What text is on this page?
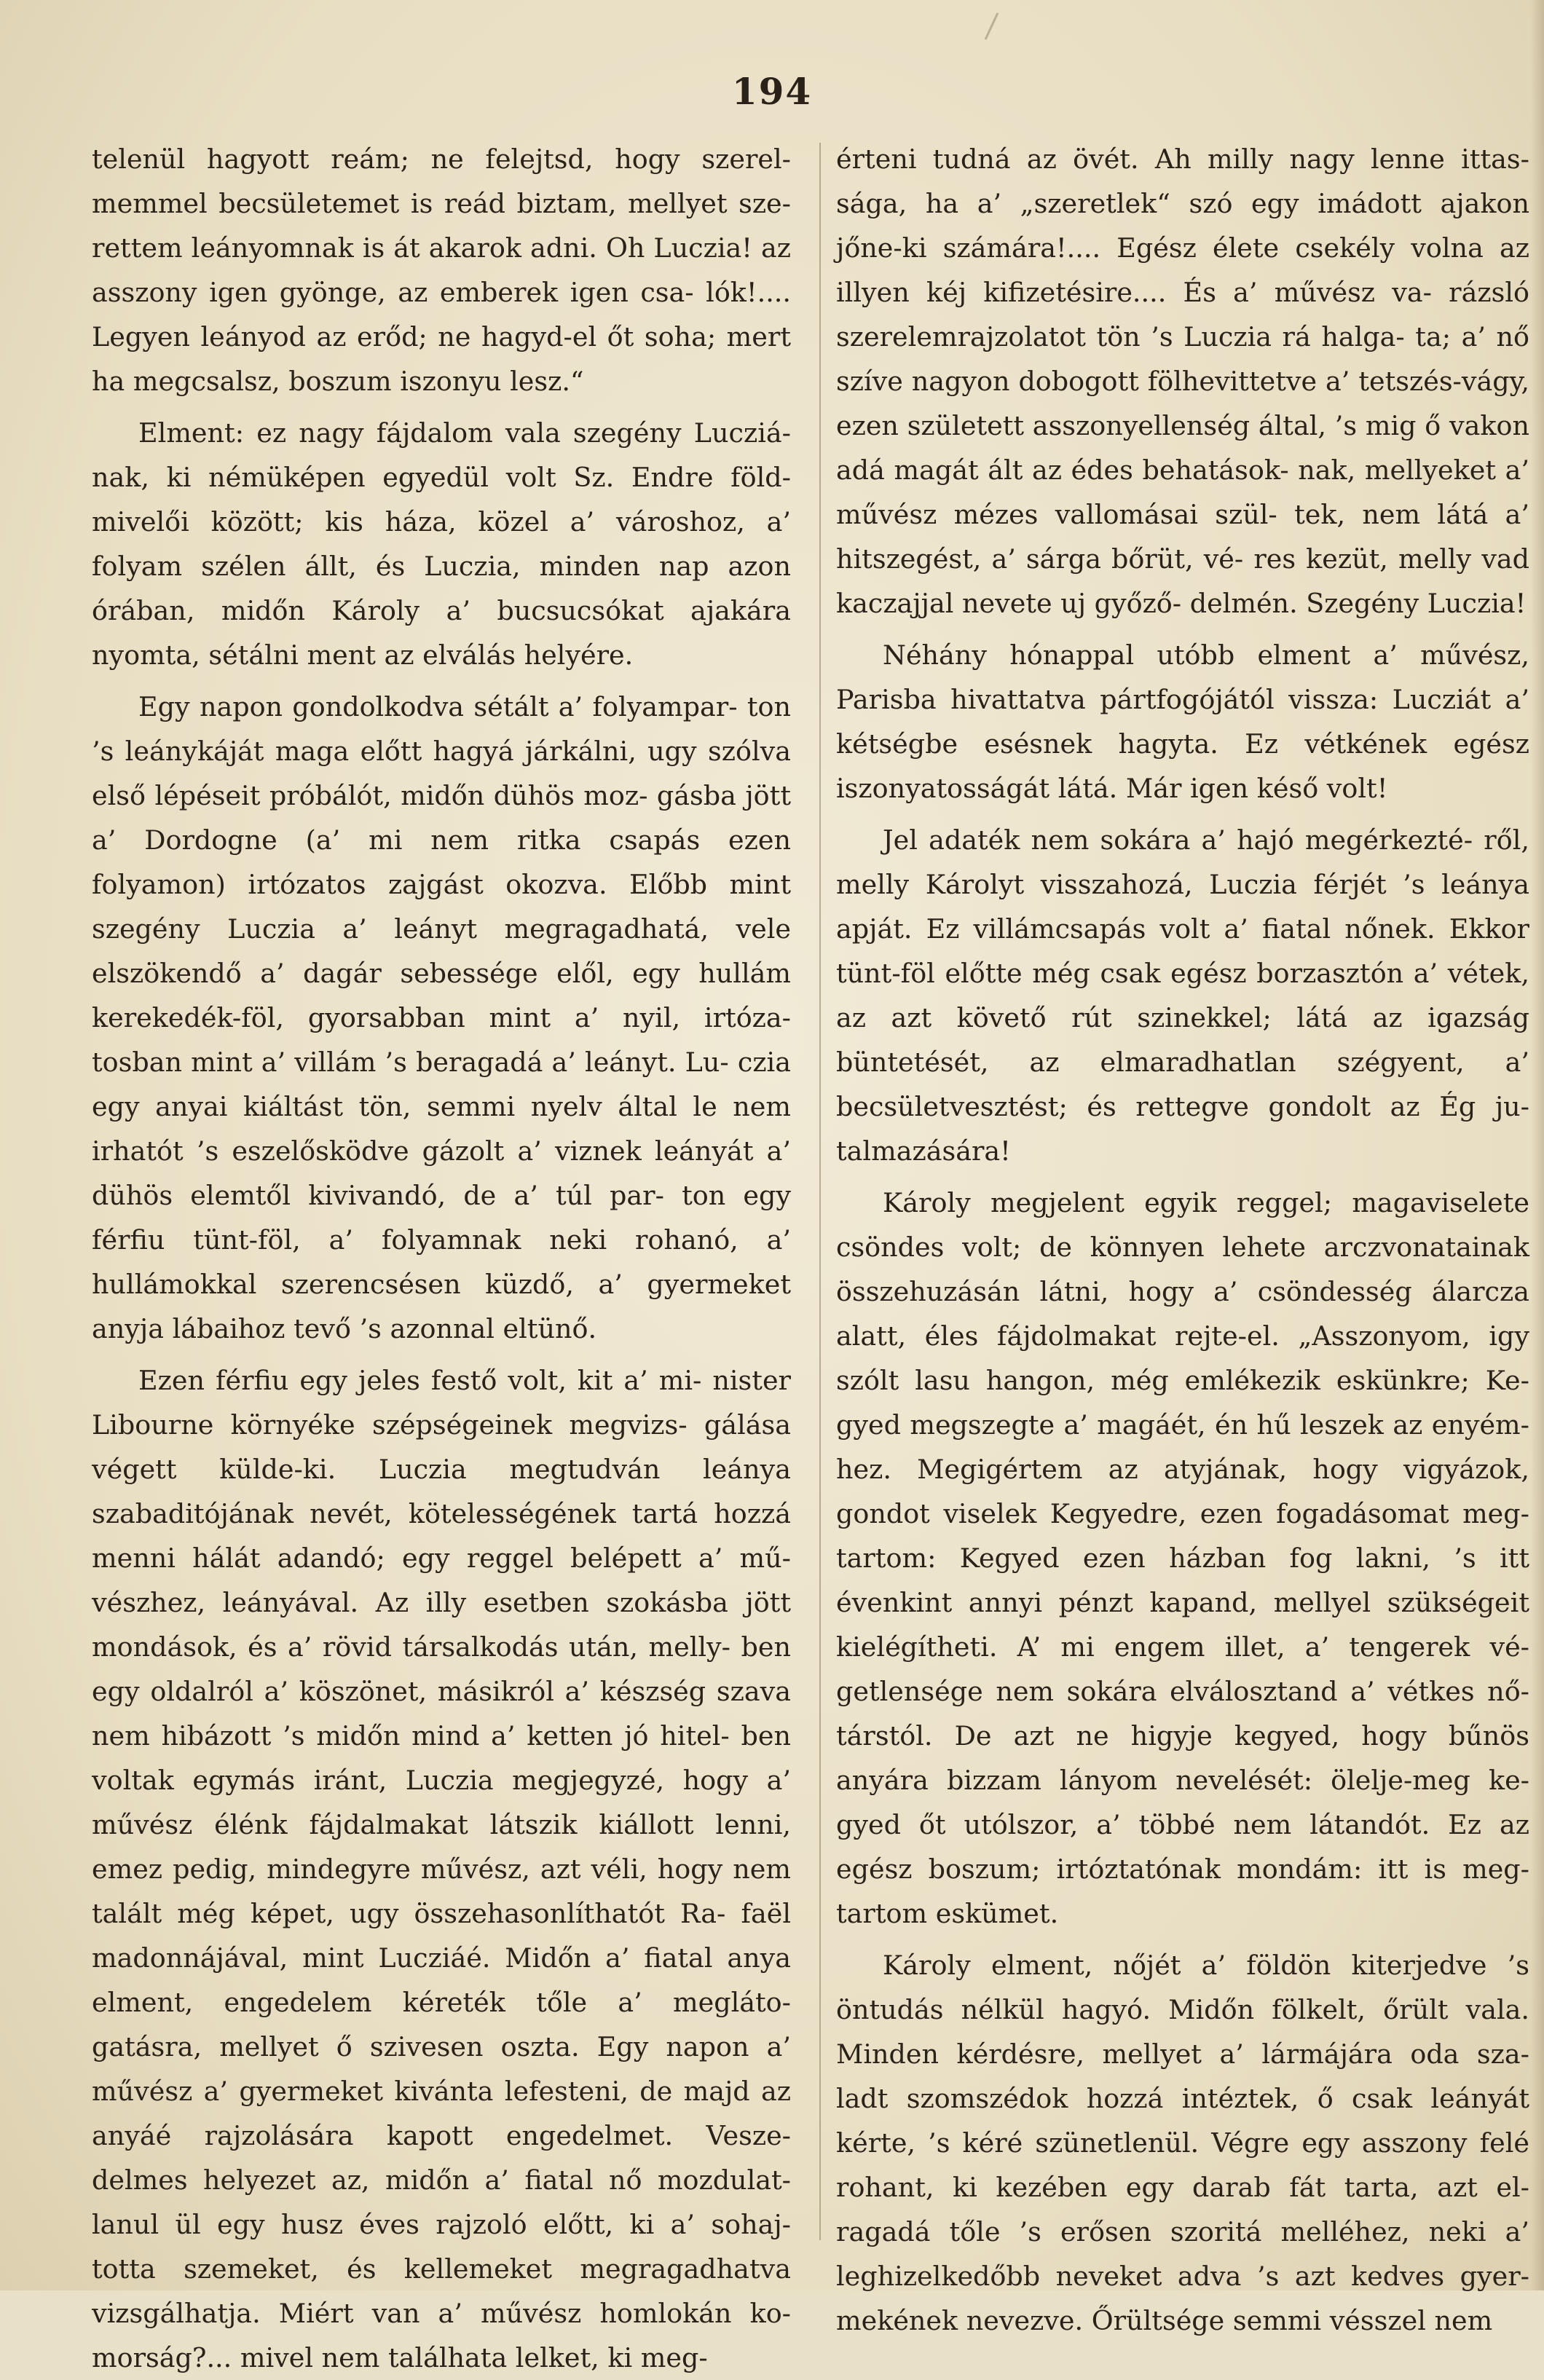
194

telenül hagyott reám; ne felejtsd, hogy szerel- memmel becsületemet is reád biztam, mellyet sze- rettem leányomnak is át akarok adni. Oh Luczia! az asszony igen gyönge, az emberek igen csa- lók!.... Legyen leányod az erőd; ne hagyd-el őt soha; mert ha megcsalsz, boszum iszonyu lesz.“

Elment: ez nagy fájdalom vala szegény Lucziá- nak, ki némüképen egyedül volt Sz. Endre föld- mivelői között; kis háza, közel a’ városhoz, a’ folyam szélen állt, és Luczia, minden nap azon órában, midőn Károly a’ bucsucsókat ajakára nyomta, sétálni ment az elválás helyére.

Egy napon gondolkodva sétált a’ folyampar- ton ’s leánykáját maga előtt hagyá járkálni, ugy szólva első lépéseit próbálót, midőn dühös moz- gásba jött a’ Dordogne (a’ mi nem ritka csapás ezen folyamon) irtózatos zajgást okozva. Előbb mint szegény Luczia a’ leányt megragadhatá, vele elszökendő a’ dagár sebessége elől, egy hullám kerekedék-föl, gyorsabban mint a’ nyil, irtóza- tosban mint a’ villám ’s beragadá a’ leányt. Lu- czia egy anyai kiáltást tön, semmi nyelv által le nem irhatót ’s eszelősködve gázolt a’ viznek leányát a’ dühös elemtől kivivandó, de a’ túl par- ton egy férfiu tünt-föl, a’ folyamnak neki rohanó, a’ hullámokkal szerencsésen küzdő, a’ gyermeket anyja lábaihoz tevő ’s azonnal eltünő.

Ezen férfiu egy jeles festő volt, kit a’ mi- nister Libourne környéke szépségeinek megvizs- gálása végett külde-ki. Luczia megtudván leánya szabaditójának nevét, kötelességének tartá hozzá menni hálát adandó; egy reggel belépett a’ mű- vészhez, leányával. Az illy esetben szokásba jött mondások, és a’ rövid társalkodás után, melly- ben egy oldalról a’ köszönet, másikról a’ készség szava nem hibázott ’s midőn mind a’ ketten jó hitel- ben voltak egymás iránt, Luczia megjegyzé, hogy a’ művész élénk fájdalmakat látszik kiállott lenni, emez pedig, mindegyre művész, azt véli, hogy nem talált még képet, ugy összehasonlíthatót Ra- faël madonnájával, mint Lucziáé. Midőn a’ fiatal anya elment, engedelem kéreték tőle a’ megláto- gatásra, mellyet ő szivesen oszta. Egy napon a’ művész a’ gyermeket kivánta lefesteni, de majd az anyáé rajzolására kapott engedelmet. Vesze- delmes helyezet az, midőn a’ fiatal nő mozdulat- lanul ül egy husz éves rajzoló előtt, ki a’ sohaj- totta szemeket, és kellemeket megragadhatva vizsgálhatja. Miért van a’ művész homlokán ko- morság?... mivel nem találhata lelket, ki meg-

érteni tudná az övét. Ah milly nagy lenne ittas- sága, ha a’ „szeretlek“ szó egy imádott ajakon jőne-ki számára!.... Egész élete csekély volna az illyen kéj kifizetésire.... És a’ művész va- rázsló szerelemrajzolatot tön ’s Luczia rá halga- ta; a’ nő szíve nagyon dobogott fölhevittetve a’ tetszés-vágy, ezen született asszonyellenség által, ’s mig ő vakon adá magát ált az édes behatások- nak, mellyeket a’ művész mézes vallomásai szül- tek, nem látá a’ hitszegést, a’ sárga bőrüt, vé- res kezüt, melly vad kaczajjal nevete uj győző- delmén. Szegény Luczia!

Néhány hónappal utóbb elment a’ művész, Parisba hivattatva pártfogójától vissza: Lucziát a’ kétségbe esésnek hagyta. Ez vétkének egész iszonyatosságát látá. Már igen késő volt!

Jel adaték nem sokára a’ hajó megérkezté- ről, melly Károlyt visszahozá, Luczia férjét ’s leánya apját. Ez villámcsapás volt a’ fiatal nőnek. Ekkor tünt-föl előtte még csak egész borzasztón a’ vétek, az azt követő rút szinekkel; látá az igazság büntetését, az elmaradhatlan szégyent, a’ becsületvesztést; és rettegve gondolt az Ég ju- talmazására!

Károly megjelent egyik reggel; magaviselete csöndes volt; de könnyen lehete arczvonatainak összehuzásán látni, hogy a’ csöndesség álarcza alatt, éles fájdolmakat rejte-el. „Asszonyom, igy szólt lasu hangon, még emlékezik eskünkre; Ke- gyed megszegte a’ magáét, én hű leszek az enyém- hez. Megigértem az atyjának, hogy vigyázok, gondot viselek Kegyedre, ezen fogadásomat meg- tartom: Kegyed ezen házban fog lakni, ’s itt évenkint annyi pénzt kapand, mellyel szükségeit kielégítheti. A’ mi engem illet, a’ tengerek vé- getlensége nem sokára elválosztand a’ vétkes nő- társtól. De azt ne higyje kegyed, hogy bűnös anyára bizzam lányom nevelését: ölelje-meg ke- gyed őt utólszor, a’ többé nem látandót. Ez az egész boszum; irtóztatónak mondám: itt is meg- tartom eskümet.

Károly elment, nőjét a’ földön kiterjedve ’s öntudás nélkül hagyó. Midőn fölkelt, őrült vala. Minden kérdésre, mellyet a’ lármájára oda sza- ladt szomszédok hozzá intéztek, ő csak leányát kérte, ’s kéré szünetlenül. Végre egy asszony felé rohant, ki kezében egy darab fát tarta, azt el- ragadá tőle ’s erősen szoritá melléhez, neki a’ leghizelkedőbb neveket adva ’s azt kedves gyer- mekének nevezve. Őrültsége semmi vésszel nem
